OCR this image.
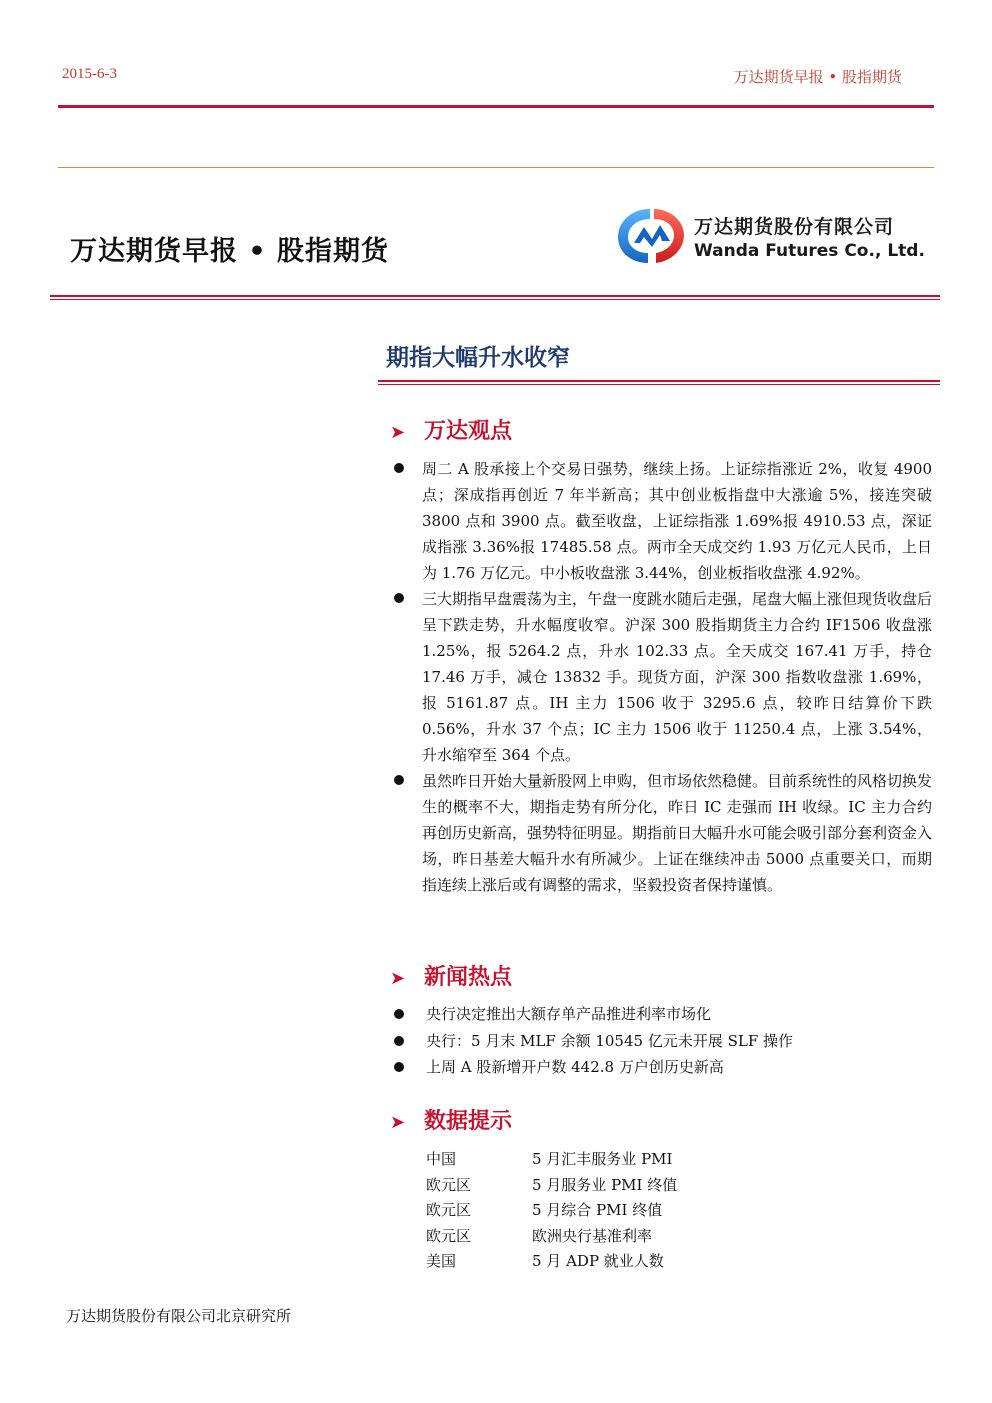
2015-6-3	万达期货早报 • 股指期货
万达期货早报 • 股指期货
万达期货股份有限公司
Wanda Futures Co., Ltd.
期指大幅升水收窄
➤ 万达观点
周二 A 股承接上个交易日强势，继续上扬。上证综指涨近 2%，收复 4900 点；深成指再创近 7 年半新高；其中创业板指盘中大涨逾 5%，接连突破 3800 点和 3900 点。截至收盘，上证综指涨 1.69%报 4910.53 点，深证成指涨 3.36%报 17485.58 点。两市全天成交约 1.93 万亿元人民币，上日为 1.76 万亿元。中小板收盘涨 3.44%，创业板指收盘涨 4.92%。
三大期指早盘震荡为主，午盘一度跳水随后走强，尾盘大幅上涨但现货收盘后呈下跌走势，升水幅度收窄。沪深 300 股指期货主力合约 IF1506 收盘涨 1.25%，报 5264.2 点，升水 102.33 点。全天成交 167.41 万手，持仓 17.46 万手，减仓 13832 手。现货方面，沪深 300 指数收盘涨 1.69%，报 5161.87 点。IH 主力 1506 收于 3295.6 点，较昨日结算价下跌 0.56%，升水 37 个点；IC 主力 1506 收于 11250.4 点，上涨 3.54%，升水缩窄至 364 个点。
虽然昨日开始大量新股网上申购，但市场依然稳健。目前系统性的风格切换发生的概率不大，期指走势有所分化，昨日 IC 走强而 IH 收绿。IC 主力合约再创历史新高，强势特征明显。期指前日大幅升水可能会吸引部分套利资金入场，昨日基差大幅升水有所减少。上证在继续冲击 5000 点重要关口，而期指连续上涨后或有调整的需求，坚毅投资者保持谨慎。
➤ 新闻热点
央行决定推出大额存单产品推进利率市场化
央行：5 月末 MLF 余额 10545 亿元未开展 SLF 操作
上周 A 股新增开户数 442.8 万户创历史新高
➤ 数据提示
中国	5 月汇丰服务业 PMI
欧元区	5 月服务业 PMI 终值
欧元区	5 月综合 PMI 终值
欧元区	欧洲央行基准利率
美国	5 月 ADP 就业人数
万达期货股份有限公司北京研究所
